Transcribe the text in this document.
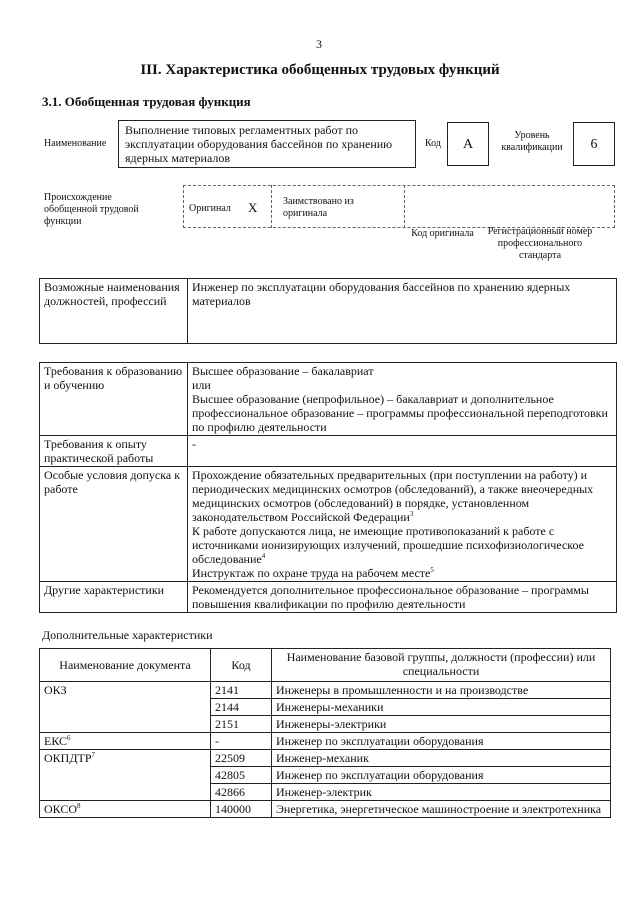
3
III. Характеристика обобщенных трудовых функций
3.1. Обобщенная трудовая функция
Наименование
Выполнение типовых регламентных работ по эксплуатации оборудования бассейнов по хранению ядерных материалов
Код	А
Уровень квалификации	6
Происхождение обобщенной трудовой функции
Оригинал X	Заимствовано из оригинала
Код оригинала	Регистрационный номер профессионального стандарта
Возможные наименования должностей, профессий	Инженер по эксплуатации оборудования бассейнов по хранению ядерных материалов
Требования к образованию и обучению	Высшее образование – бакалавриат
или
Высшее образование (непрофильное) – бакалавриат и дополнительное профессиональное образование – программы профессиональной переподготовки по профилю деятельности

Требования к опыту практической работы	-
Особые условия допуска к работе	Прохождение обязательных предварительных (при поступлении на работу) и периодических медицинских осмотров (обследований), а также внеочередных медицинских осмотров (обследований) в порядке, установленном законодательством Российской Федерации$^3$
К работе допускаются лица, не имеющие противопоказаний к работе с источниками ионизирующих излучений, прошедшие психофизиологическое обследование$^4$
Инструктаж по охране труда на рабочем месте$^5$

Другие характеристики	Рекомендуется дополнительное профессиональное образование – программы повышения квалификации по профилю деятельности
Дополнительные характеристики
Наименование документа	Код	Наименование базовой группы, должности (профессии) или специальности
ОКЗ	2141	Инженеры в промышленности и на производстве
	2144	Инженеры-механики
	2151	Инженеры-электрики
ЕКС$^6$	-	Инженер по эксплуатации оборудования
ОКПДТР$^7$	22509	Инженер-механик
	42805	Инженер по эксплуатации оборудования
	42866	Инженер-электрик
ОКСО$^8$	140000	Энергетика, энергетическое машиностроение и электротехника
